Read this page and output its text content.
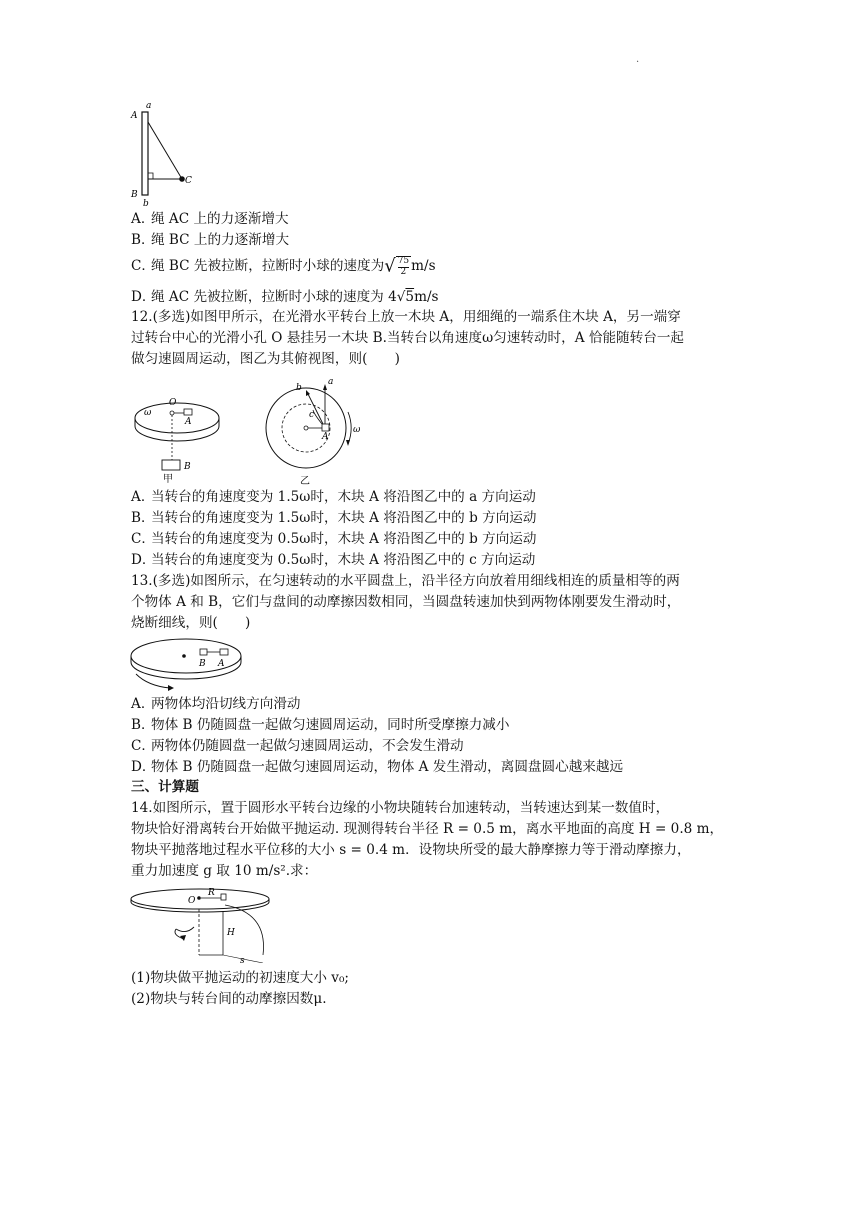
.
a
A
B
b
C
A．绳 AC 上的力逐渐增大
B．绳 BC 上的力逐渐增大
C．绳 BC 先被拉断，拉断时小球的速度为√ $\frac{75}{2} m/s$
D．绳 AC 先被拉断，拉断时小球的速度为 4√5m/s
12.(多选)如图甲所示，在光滑水平转台上放一木块 A，用细绳的一端系住木块 A，另一端穿
过转台中心的光滑小孔 O 悬挂另一木块 B.当转台以角速度ω匀速转动时，A 恰能随转台一起
做匀速圆周运动，图乙为其俯视图，则(　　)
ω
O
A
B
甲
a
b
c
A
ω
乙
A．当转台的角速度变为 1.5ω时，木块 A 将沿图乙中的 a 方向运动
B．当转台的角速度变为 1.5ω时，木块 A 将沿图乙中的 b 方向运动
C．当转台的角速度变为 0.5ω时，木块 A 将沿图乙中的 b 方向运动
D．当转台的角速度变为 0.5ω时，木块 A 将沿图乙中的 c 方向运动
13.(多选)如图所示，在匀速转动的水平圆盘上，沿半径方向放着用细线相连的质量相等的两
个物体 A 和 B，它们与盘间的动摩擦因数相同，当圆盘转速加快到两物体刚要发生滑动时，
烧断细线，则(　　)
B A
A．两物体均沿切线方向滑动
B．物体 B 仍随圆盘一起做匀速圆周运动，同时所受摩擦力减小
C．两物体仍随圆盘一起做匀速圆周运动，不会发生滑动
D．物体 B 仍随圆盘一起做匀速圆周运动，物体 A 发生滑动，离圆盘圆心越来越远
三、计算题
14.如图所示，置于圆形水平转台边缘的小物块随转台加速转动，当转速达到某一数值时，
物块恰好滑离转台开始做平抛运动. 现测得转台半径 R = 0.5 m，离水平地面的高度 H = 0.8 m，
物块平抛落地过程水平位移的大小 s = 0.4 m．设物块所受的最大静摩擦力等于滑动摩擦力，
重力加速度 g 取 10 m/s².求：
O
R
H
s
(1)物块做平抛运动的初速度大小 v₀;
(2)物块与转台间的动摩擦因数μ.
